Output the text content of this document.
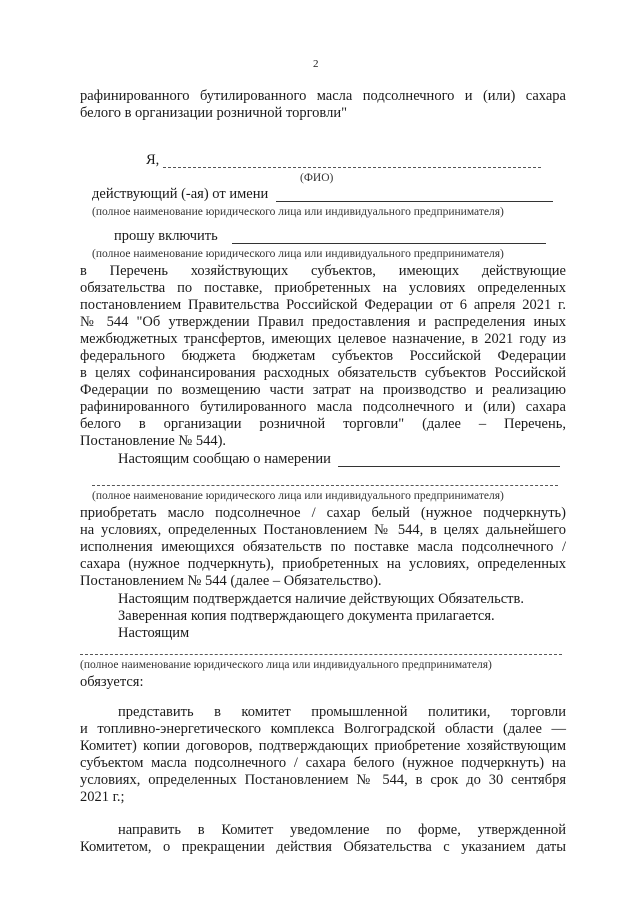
2
рафинированного бутилированного масла подсолнечного и (или) сахара
белого в организации розничной торговли"
Я,
(ФИО)
действующий (-ая) от имени
(полное наименование юридического лица или индивидуального предпринимателя)
прошу включить
(полное наименование юридического лица или индивидуального предпринимателя)
в Перечень хозяйствующих субъектов, имеющих действующие
обязательства по поставке, приобретенных на условиях определенных
постановлением Правительства Российской Федерации от 6 апреля 2021 г.
№ 544 "Об утверждении Правил предоставления и распределения иных
межбюджетных трансфертов, имеющих целевое назначение, в 2021 году из
федерального бюджета бюджетам субъектов Российской Федерации
в целях софинансирования расходных обязательств субъектов Российской
Федерации по возмещению части затрат на производство и реализацию
рафинированного бутилированного масла подсолнечного и (или) сахара
белого в организации розничной торговли" (далее – Перечень,
Постановление № 544).
Настоящим сообщаю о намерении
(полное наименование юридического лица или индивидуального предпринимателя)
приобретать масло подсолнечное / сахар белый (нужное подчеркнуть)
на условиях, определенных Постановлением № 544, в целях дальнейшего
исполнения имеющихся обязательств по поставке масла подсолнечного /
сахара (нужное подчеркнуть), приобретенных на условиях, определенных
Постановлением № 544 (далее – Обязательство).
Настоящим подтверждается наличие действующих Обязательств.
Заверенная копия подтверждающего документа прилагается.
Настоящим
(полное наименование юридического лица или индивидуального предпринимателя)
обязуется:
представить в комитет промышленной политики, торговли
и топливно-энергетического комплекса Волгоградской области (далее —
Комитет) копии договоров, подтверждающих приобретение хозяйствующим
субъектом масла подсолнечного / сахара белого (нужное подчеркнуть) на
условиях, определенных Постановлением № 544, в срок до 30 сентября
2021 г.;
направить в Комитет уведомление по форме, утвержденной
Комитетом, о прекращении действия Обязательства с указанием даты
